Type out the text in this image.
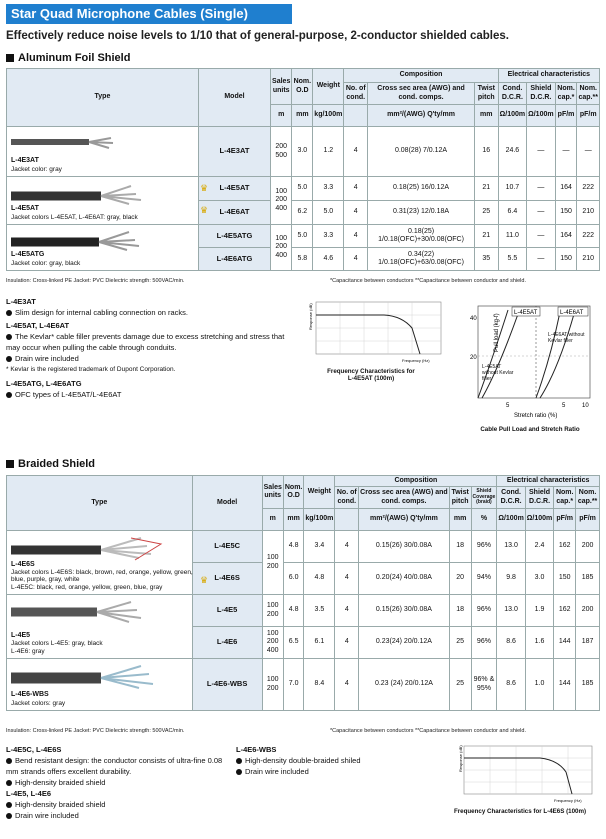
Star Quad Microphone Cables (Single)
Effectively reduce noise levels to 1/10 that of general-purpose, 2-conductor shielded cables.
Aluminum Foil Shield
Type	Model	Sales units	Nom. O.D	Weight	Composition			Electrical characteristics			
					No. of cond.	Cross sec area (AWG) and cond. comps.	Twist pitch	Cond. D.C.R.	Shield D.C.R.	Nom. cap.*	Nom. cap.**
		m	mm	kg/100m		mm²/(AWG) Q'ty/mm	mm	Ω/100m	Ω/100m	pF/m	pF/m

L-4E3AT
Jacket color: gray	L-4E3AT	200 500	3.0	1.2	4	0.08(28) 7/0.12A	16	24.6	—	—	—

♛
♛
L-4E5AT
Jacket colors L-4E5AT, L-4E6AT: gray, black	L-4E5AT	100 200 400	5.0	3.3	4	0.18(25) 16/0.12A	21	10.7	—	164	222
	L-4E6AT		6.2	5.0	4	0.31(23) 12/0.18A	25	6.4	—	150	210

L-4E5ATG
Jacket color: gray, black	L-4E5ATG	100 200 400	5.0	3.3	4	0.18(25) 1/0.18(OFC)+30/0.08(OFC)	21	11.0	—	164	222
	L-4E6ATG		5.8	4.6	4	0.34(22) 1/0.18(OFC)+63/0.08(OFC)	35	5.5	—	150	210
Insulation: Cross-linked PE Jacket: PVC Dielectric strength: 500VAC/min.	*Capacitance between conductors **Capacitance between conductor and shield.
L-4E3AT
Slim design for internal cabling connection on racks.
L-4E5AT, L-4E6AT
The Kevlar* cable filler prevents damage due to excess stretching and stress that may occur when pulling the cable through conduits.
Drain wire included
* Kevlar is the registered trademark of Dupont Corporation.
L-4E5ATG, L-4E6ATG
OFC types of L-4E5AT/L-4E6AT
Response (dB)
Frequency (Hz)
Frequency Characteristics for
L-4E5AT (100m)
L-4E5AT	L-4E6AT
40
20
5	5	10
Stretch ratio (%)
Pull load (kg-f)	L-4E6AT without Kevlar filler
L-4E5AT without Kevlar filler
Cable Pull Load and Stretch Ratio
Braided Shield
Type	Model	Sales units	Nom. O.D	Weight	Composition				Electrical characteristics			
					No. of cond.	Cross sec area (AWG) and cond. comps.	Twist pitch	Shield Coverage (braid)	Cond. D.C.R.	Shield D.C.R.	Nom. cap.*	Nom. cap.**
		m	mm	kg/100m		mm²/(AWG) Q'ty/mm	mm	%	Ω/100m	Ω/100m	pF/m	pF/m

♛
L-4E6S
Jacket colors L-4E6S: black, brown, red, orange, yellow, green, blue, purple, gray, white
L-4E5C: black, red, orange, yellow, green, blue, gray	L-4E5C	100 200	4.8	3.4	4	0.15(26) 30/0.08A	18	96%	13.0	2.4	162	200
	L-4E6S		6.0	4.8	4	0.20(24) 40/0.08A	20	94%	9.8	3.0	150	185

L-4E5
Jacket colors L-4E5: gray, black
L-4E6: gray	L-4E5	100 200	4.8	3.5	4	0.15(26) 30/0.08A	18	96%	13.0	1.9	162	200
	L-4E6	100 200 400	6.5	6.1	4	0.23(24) 20/0.12A	25	96%	8.6	1.6	144	187

L-4E6-WBS
Jacket colors: gray	L-4E6-WBS	100 200	7.0	8.4	4	0.23 (24) 20/0.12A	25	96% & 95%	8.6	1.0	144	185
Insulation: Cross-linked PE Jacket: PVC Dielectric strength: 500VAC/min.	*Capacitance between conductors **Capacitance between conductor and shield.
L-4E5C, L-4E6S
Bend resistant design: the conductor consists of ultra-fine 0.08 mm strands offers excellent durability.
High-density braided shield
L-4E5, L-4E6
High-density braided shield
Drain wire included
L-4E6-WBS
High-density double-braided shiled
Drain wire included	Response (dB)
Frequency (Hz)
Frequency Characteristics for L-4E6S (100m)
